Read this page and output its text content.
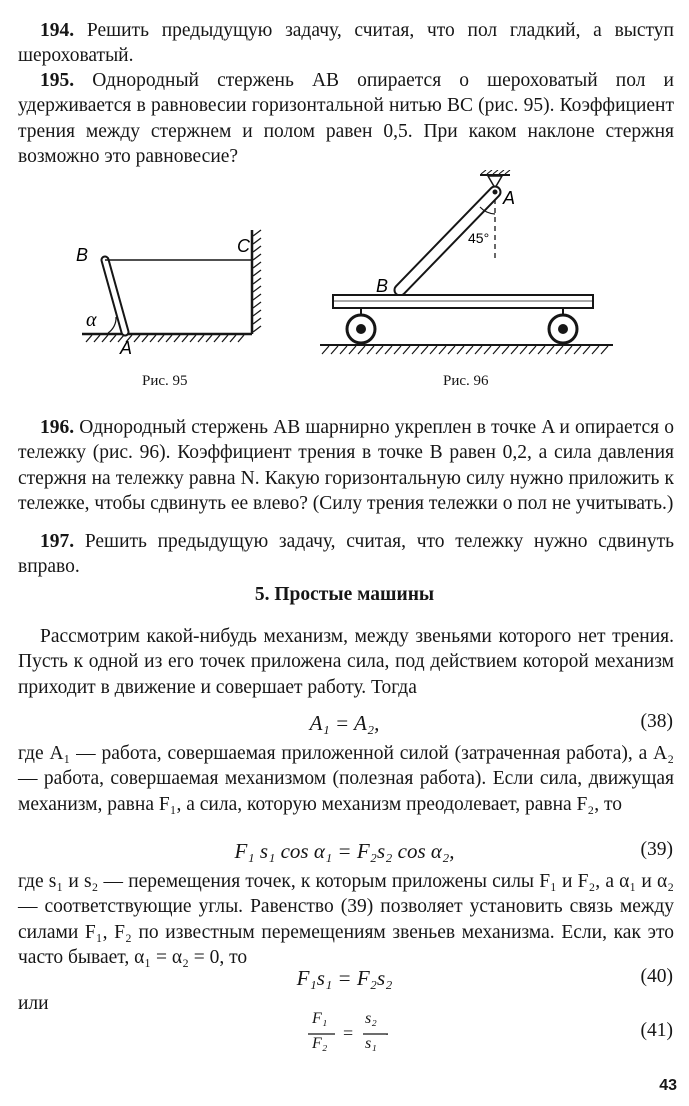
194. Решить предыдущую задачу, считая, что пол гладкий, а выступ шероховатый.

195. Однородный стержень AB опирается о шероховатый пол и удерживается в равновесии горизонтальной нитью BC (рис. 95). Коэффициент трения между стержнем и полом равен 0,5. При каком наклоне стержня возможно это равновесие?

B	C
A
α
Рис. 95
A
B
45°
Рис. 96

196. Однородный стержень AB шарнирно укреплен в точке A и опирается о тележку (рис. 96). Коэффициент трения в точке B равен 0,2, а сила давления стержня на тележку равна N. Какую горизонтальную силу нужно приложить к тележке, чтобы сдвинуть ее влево? (Силу трения тележки о пол не учитывать.)

197. Решить предыдущую задачу, считая, что тележку нужно сдвинуть вправо.

5. Простые машины

Рассмотрим какой-нибудь механизм, между звеньями которого нет трения. Пусть к одной из его точек приложена сила, под действием которой механизм приходит в движение и совершает работу. Тогда

A₁ = A₂,	(38)

где A₁ — работа, совершаемая приложенной силой (затраченная работа), а A₂ — работа, совершаемая механизмом (полезная работа). Если сила, движущая механизм, равна F₁, а сила, которую механизм преодолевает, равна F₂, то

F₁ s₁ cos α₁ = F₂s₂ cos α₂,	(39)

где s₁ и s₂ — перемещения точек, к которым приложены силы F₁ и F₂, а α₁ и α₂ — соответствующие углы. Равенство (39) позволяет установить связь между силами F₁, F₂ по известным перемещениям звеньев механизма. Если, как это часто бывает, α₁ = α₂ = 0, то

F₁s₁ = F₂s₂	(40)

или

F₁
F₂
=
s₂
s₁
.	(41)
43
